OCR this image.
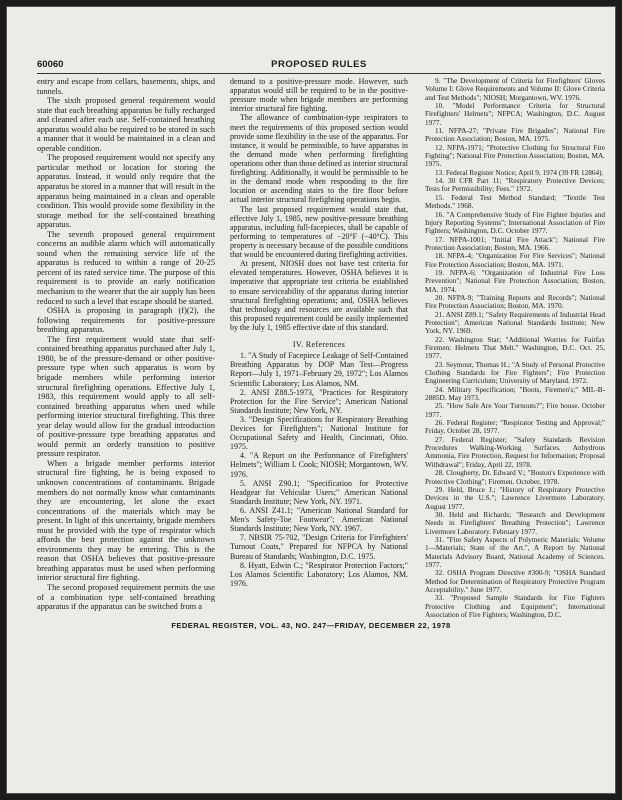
60060	PROPOSED RULES

entry and escape from cellars, basements, ships, and tunnels.

The sixth proposed general requirement would state that each breathing apparatus be fully recharged and cleaned after each use. Self-contained breathing apparatus would also be required to be stored in such a manner that it would be maintained in a clean and operable condition.

The proposed requirement would not specify any particular method or location for storing the apparatus. Instead, it would only require that the apparatus be stored in a manner that will result in the apparatus being maintained in a clean and operable condition. This would provide some flexibility in the storage method for the self-contained breathing apparatus.

The seventh proposed general requirement concerns an audible alarm which will automatically sound when the remaining service life of the apparatus is reduced to within a range of 20-25 percent of its rated service time. The purpose of this requirement is to provide an early notification mechanism to the wearer that the air supply has been reduced to such a level that escape should be started.

OSHA is proposing in paragraph (f)(2), the following requirements for positive-pressure breathing apparatus.

The first requirement would state that self-contained breathing apparatus purchased after July 1, 1980, be of the pressure-demand or other positive-pressure type when such apparatus is worn by brigade members while performing interior structural firefighting operations. Effective July 1, 1983, this requirement would apply to all self-contained breathing apparatus when used while performing interior structural firefighting. This three year delay would allow for the gradual introduction of positive-pressure type breathing apparatus and would permit an orderly transition to positive pressure respirator.

When a brigade member performs interior structural fire fighting, he is being exposed to unknown concentrations of contaminants. Brigade members do not normally know what contaminants they are encountering, let alone the exact concentrations of the materials which may be present. In light of this uncertainty, brigade members must be provided with the type of respirator which affords the best protection against the unknown environments they may be entering. This is the reason that OSHA believes that positive-pressure breathing apparatus must be used when performing interior structural fire fighting.

The second proposed requirement permits the use of a combination type self-contained breathing apparatus if the apparatus can be switched from a

demand to a positive-pressure mode. However, such apparatus would still be required to be in the positive-pressure mode when brigade members are performing interior structural fire fighting.

The allowance of combination-type respirators to meet the requirements of this proposed section would provide some flexibility in the use of the apparatus. For instance, it would be permissible, to have apparatus in the demand mode when performing firefighting operations other than those defined as interior structural firefighting. Additionally, it would be permissible to be in the demand mode when responding to the fire location or ascending stairs to the fire floor before actual interior structural firefighting operations begin.

The last proposed requirement would state that, effective July 1, 1985, new positive-pressure breathing apparatus, including full-facepieces, shall be capable of performing to temperatures of −20°F (−40°C). This property is necessary because of the possible conditions that would be encountered during firefighting activities.

At present, NIOSH does not have test criteria for elevated temperatures. However, OSHA believes it is imperative that appropriate test criteria be established to ensure serviceability of the apparatus during interior structural firefighting operations; and, OSHA believes that technology and resources are available such that this proposed requirement could be easily implemented by the July 1, 1985 effective date of this standard.

IV. References

1. "A Study of Facepiece Leakage of Self-Contained Breathing Apparatus by DOP Man Test—Progress Report—July 1, 1971–February 29, 1972"; Los Alamos Scientific Laboratory; Los Alamos, NM.
2. ANSI Z88.5-1973, "Practices for Respiratory Protection for the Fire Service"; American National Standards Institute; New York, NY.
3. "Design Specifications for Respiratory Breathing Devices for Firefighters"; National Institute for Occupational Safety and Health, Cincinnati, Ohio. 1975.
4. "A Report on the Performance of Firefighters' Helmets"; William I. Cook; NIOSH; Morgantown, WV. 1976.
5. ANSI Z90.1; "Specification for Protective Headgear for Vehicular Users;" American National Standards Institute; New York, NY. 1971.
6. ANSI Z41.1; "American National Standard for Men's Safety-Toe Footwear"; American National Standards Institute; New York, NY. 1967.
7. NBSIR 75-702, "Design Criteria for Firefighters' Turnout Coats," Prepared for NFPCA by National Bureau of Standards; Washington, D.C. 1975.
8. Hyatt, Edwin C.; "Respirator Protection Factors;" Los Alamos Scientific Laboratory; Los Alamos, NM. 1976.
9. "The Development of Criteria for Firefighters' Gloves Volume I: Glove Requirements and Volume II: Glove Criteria and Test Methods"; NIOSH; Morgantown, WV. 1976.
10. "Model Performance Criteria for Structural Firefighters' Helmets"; NFPCA; Washington, D.C. August 1977.
11. NFPA-27; "Private Fire Brigades"; National Fire Protection Association; Boston, MA. 1975.
12. NFPA-1971; "Protective Clothing for Structural Fire Fighting"; National Fire Protection Association; Boston, MA. 1975.
13. Federal Register Notice; April 9, 1974 (39 FR 12864).
14. 30 CFR Part 11; "Respiratory Protective Devices; Tests for Permissibility; Fees." 1972.
15. Federal Test Method Standard; "Textile Test Methods." 1968.
16. "A Comprehensive Study of Fire Fighter Injuries and Injury Reporting Systems"; International Association of Fire Fighters; Washington, D.C. October 1977.
17. NFPA-1001; "Initial Fire Attack"; National Fire Protection Association; Boston, MA. 1966.
18. NFPA-4; "Organization For Fire Services"; National Fire Protection Association; Boston, MA. 1971.
19. NFPA-6; "Organization of Industrial Fire Loss Prevention"; National Fire Protection Association; Boston, MA. 1974.
20. NFPA-9; "Training Reports and Records"; National Fire Protection Association; Boston, MA. 1970.
21. ANSI Z89.1; "Safety Requirements of Industrial Head Protection"; American National Standards Institute; New York, NY. 1969.
22. Washington Star; "Additional Worries for Fairfax Firemen: Helmets That Melt." Washington, D.C. Oct. 25, 1977.
23. Seymour, Thomas H.; "A Study of Personal Protective Clothing Standards for Fire Fighters"; Fire Protection Engineering Curriculum; University of Maryland. 1972.
24. Military Specification; "Boots, Firemen's;" MIL-B-2885D. May 1973.
25. "How Safe Are Your Turnouts?"; Fire house. October 1977.
26. Federal Register; "Respirator Testing and Approval;" Friday, October 28, 1977.
27. Federal Register; "Safety Standards Revision Procedures Walking-Working Surfaces. Anhydrous Ammonia, Fire Protection, Request for Information; Proposal Withdrawal"; Friday, April 22, 1978.
28. Clougherty, Dr. Edward V.; "Boston's Experience with Protective Clothing"; Firemen. October, 1978.
29. Held, Bruce J.; "History of Respiratory Protective Devices in the U.S."; Lawrence Livermore Laboratory. August 1977.
30. Held and Richards; "Research and Development Needs in Firefighters' Breathing Protection"; Lawrence Livermore Laboratory. February 1977.
31. "Fire Safety Aspects of Polymeric Materials: Volume 1—Materials; State of the Art.", A Report by National Materials Advisory Board, National Academy of Sciences. 1977.
32. OSHA Program Directive #300-9; "OSHA Standard Method for Determination of Respiratory Protective Program Acceptability." June 1977.
33. "Proposed Sample Standards for Fire Fighters Protective Clothing and Equipment"; International Association of Fire Fighters; Washington, D.C.
FEDERAL REGISTER, VOL. 43, NO. 247—FRIDAY, DECEMBER 22, 1978
